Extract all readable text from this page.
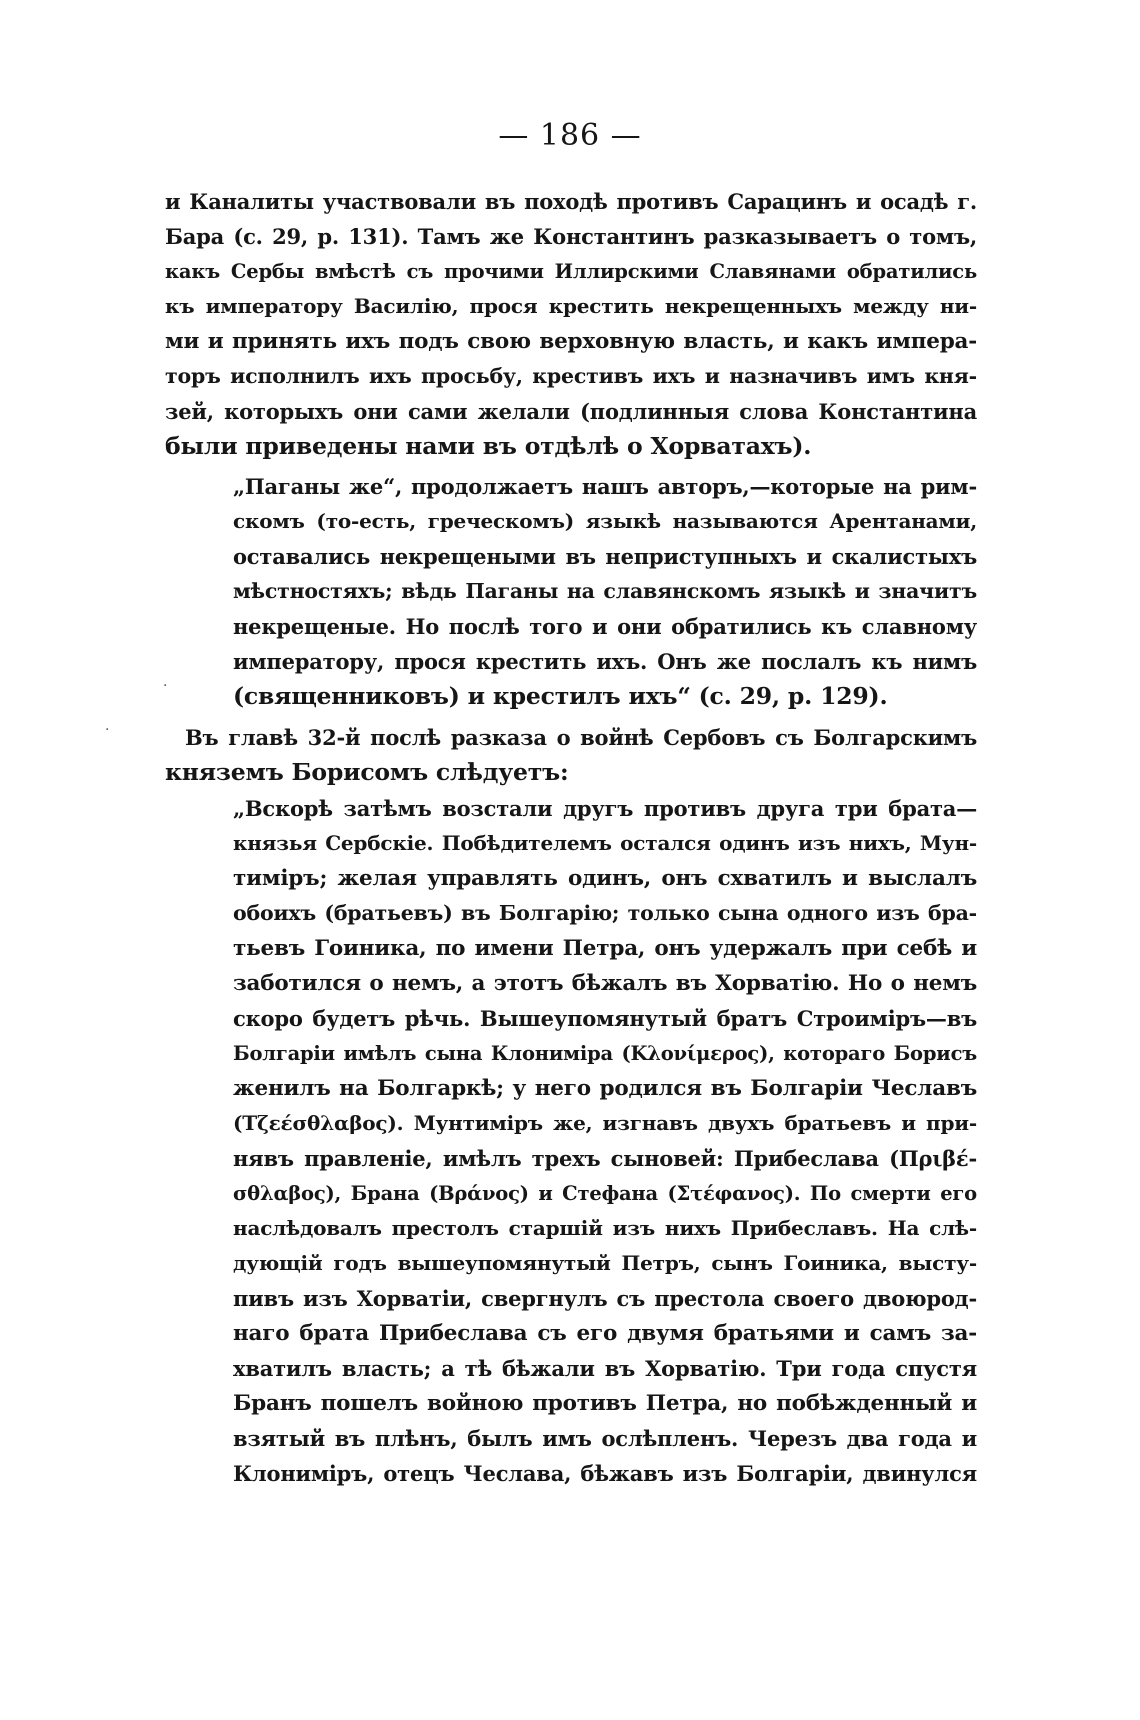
— 186 —
и Каналиты участвовали въ походѣ противъ Сарацинъ и осадѣ г.
Бара (с. 29, р. 131). Тамъ же Константинъ разказываетъ о томъ,
какъ Сербы вмѣстѣ съ прочими Иллирскими Славянами обратились
къ императору Василію, прося крестить некрещенныхъ между ни-
ми и принять ихъ подъ свою верховную власть, и какъ импера-
торъ исполнилъ ихъ просьбу, крестивъ ихъ и назначивъ имъ кня-
зей, которыхъ они сами желали (подлинныя слова Константина
были приведены нами въ отдѣлѣ о Хорватахъ).
„Паганы же“, продолжаетъ нашъ авторъ,—которые на рим-
скомъ (то-есть, греческомъ) языкѣ называются Арентанами,
оставались некрещеными въ неприступныхъ и скалистыхъ
мѣстностяхъ; вѣдь Паганы на славянскомъ языкѣ и значитъ
некрещеные. Но послѣ того и они обратились къ славному
императору, прося крестить ихъ. Онъ же послалъ къ нимъ
(священниковъ) и крестилъ ихъ“ (с. 29, р. 129).
Въ главѣ 32-й послѣ разказа о войнѣ Сербовъ съ Болгарскимъ
княземъ Борисомъ слѣдуетъ:
„Вскорѣ затѣмъ возстали другъ противъ друга три брата—
князья Сербскіе. Побѣдителемъ остался одинъ изъ нихъ, Мун-
тиміръ; желая управлять одинъ, онъ схватилъ и выслалъ
обоихъ (братьевъ) въ Болгарію; только сына одного изъ бра-
тьевъ Гоиника, по имени Петра, онъ удержалъ при себѣ и
заботился о немъ, а этотъ бѣжалъ въ Хорватію. Но о немъ
скоро будетъ рѣчь. Вышеупомянутый братъ Строиміръ—въ
Болгаріи имѣлъ сына Клониміра (Κλονίμερος), котораго Борисъ
женилъ на Болгаркѣ; у него родился въ Болгаріи Чеславъ
(Τζεέσθλαβος). Мунтиміръ же, изгнавъ двухъ братьевъ и при-
нявъ правленіе, имѣлъ трехъ сыновей: Прибеслава (Πριβέ-
σθλαβος), Брана (Βράνος) и Стефана (Στέφανος). По смерти его
наслѣдовалъ престолъ старшій изъ нихъ Прибеславъ. На слѣ-
дующій годъ вышеупомянутый Петръ, сынъ Гоиника, высту-
пивъ изъ Хорватіи, свергнулъ съ престола своего двоюрод-
наго брата Прибеслава съ его двумя братьями и самъ за-
хватилъ власть; а тѣ бѣжали въ Хорватію. Три года спустя
Бранъ пошелъ войною противъ Петра, но побѣжденный и
взятый въ плѣнъ, былъ имъ ослѣпленъ. Черезъ два года и
Клониміръ, отецъ Чеслава, бѣжавъ изъ Болгаріи, двинулся
·
·
